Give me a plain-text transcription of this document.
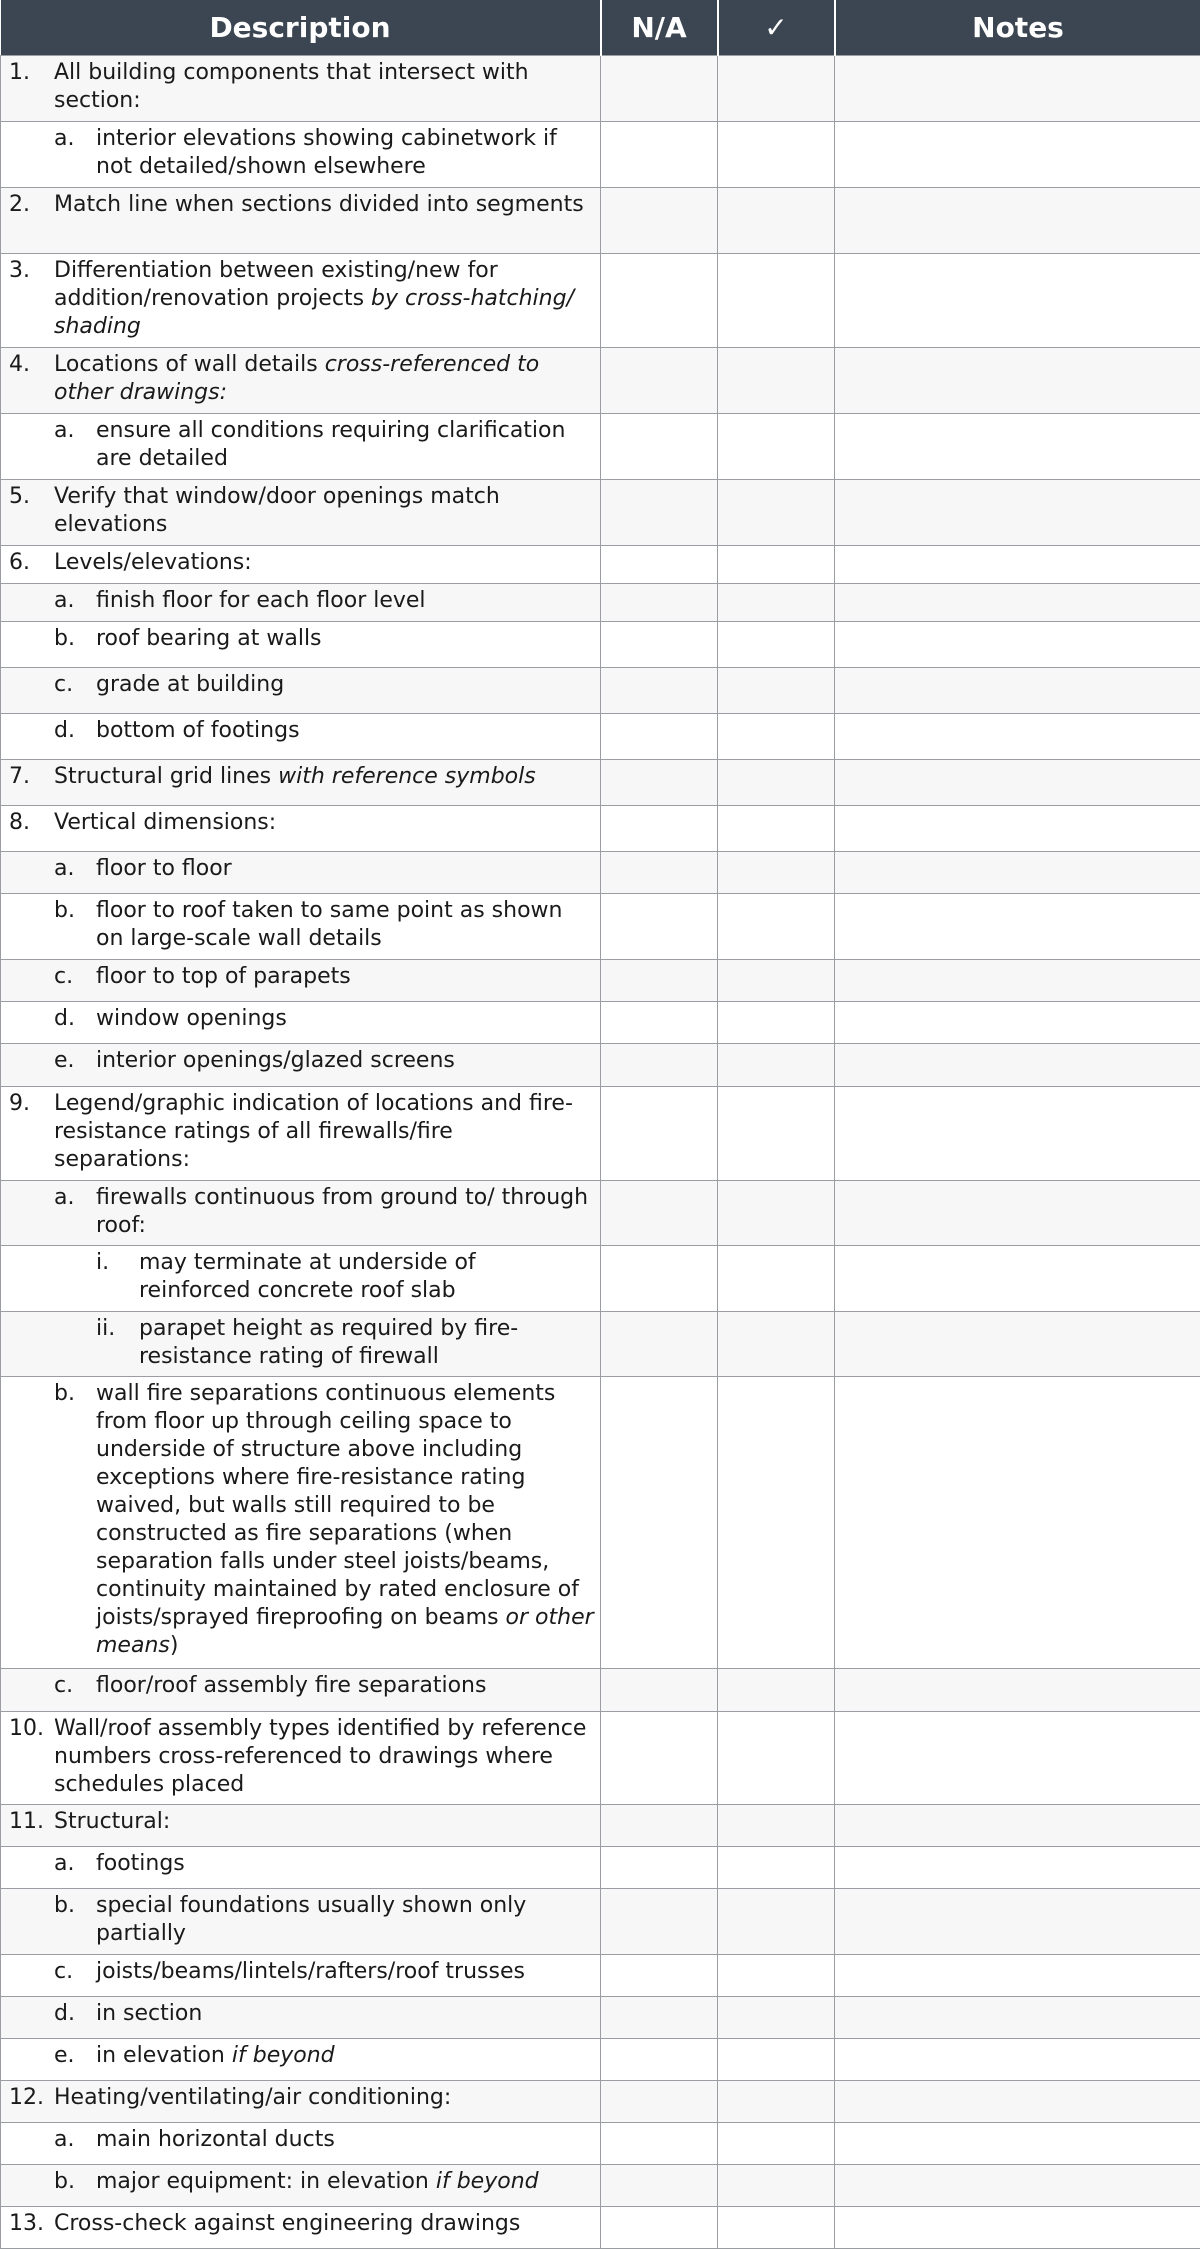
Description	N/A	✓	Notes

1. All building components that intersect with section:			

a. interior elevations showing cabinetwork if not detailed/shown elsewhere			

2. Match line when sections divided into segments			

3. Differentiation between existing/new for addition/renovation projects by cross-hatching/ shading			

4. Locations of wall details cross-referenced to other drawings:			

a. ensure all conditions requiring clarification are detailed			

5. Verify that window/door openings match elevations			

6. Levels/elevations:			

a. finish floor for each floor level			

b. roof bearing at walls			

c. grade at building			

d. bottom of footings			

7. Structural grid lines with reference symbols			

8. Vertical dimensions:			

a. floor to floor			

b. floor to roof taken to same point as shown on large-scale wall details			

c. floor to top of parapets			

d. window openings			

e. interior openings/glazed screens			

9. Legend/graphic indication of locations and fire-resistance ratings of all firewalls/fire separations:			

a. firewalls continuous from ground to/ through roof:			

i. may terminate at underside of reinforced concrete roof slab			

ii. parapet height as required by fire-resistance rating of firewall			

b. wall fire separations continuous elements from floor up through ceiling space to underside of structure above including exceptions where fire-resistance rating waived, but walls still required to be constructed as fire separations (when separation falls under steel joists/beams, continuity maintained by rated enclosure of joists/sprayed fireproofing on beams or other means)			

c. floor/roof assembly fire separations			

10. Wall/roof assembly types identified by reference numbers cross-referenced to drawings where schedules placed			

11. Structural:			

a. footings			

b. special foundations usually shown only partially			

c. joists/beams/lintels/rafters/roof trusses			

d. in section			

e. in elevation if beyond			

12. Heating/ventilating/air conditioning:			

a. main horizontal ducts			

b. major equipment: in elevation if beyond			

13. Cross-check against engineering drawings			
